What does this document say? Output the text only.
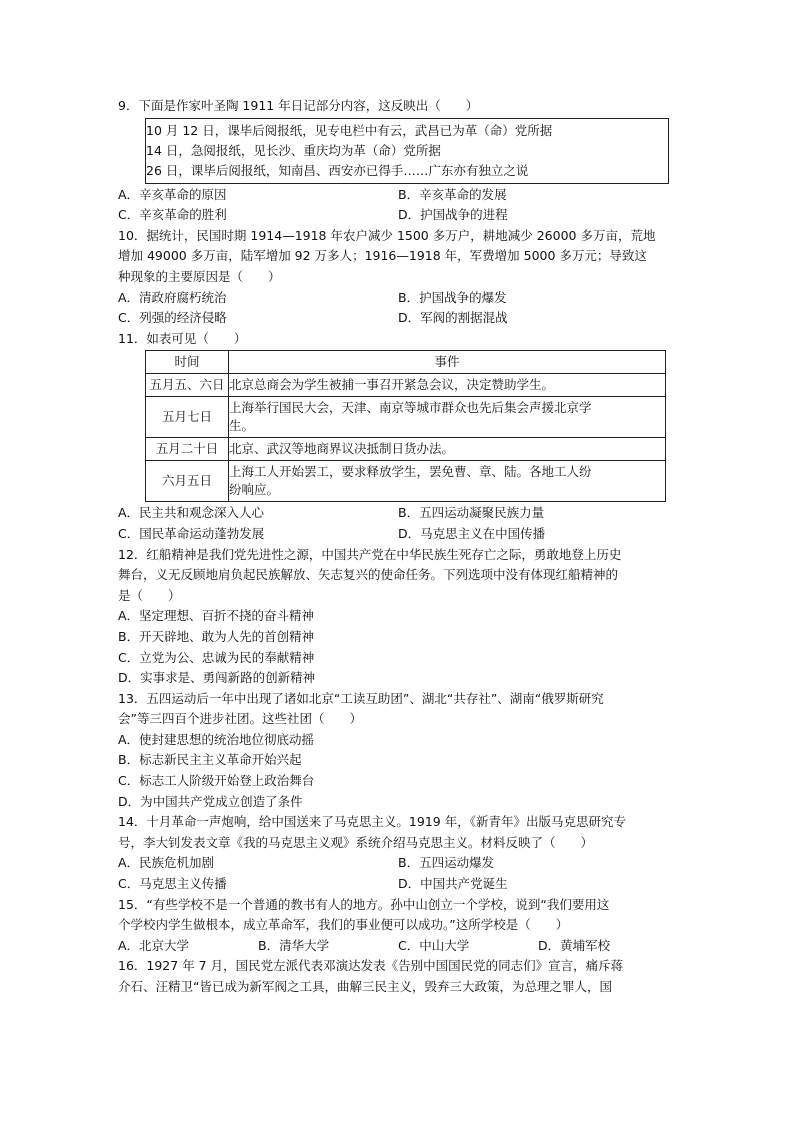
9．下面是作家叶圣陶 1911 年日记部分内容，这反映出（　　）
10 月 12 日，课毕后阅报纸，见专电栏中有云，武昌已为革（命）党所据
14 日，急阅报纸，见长沙、重庆均为革（命）党所据
26 日，课毕后阅报纸，知南昌、西安亦已得手……广东亦有独立之说
A．辛亥革命的原因	B．辛亥革命的发展
C．辛亥革命的胜利	D．护国战争的进程
10．据统计，民国时期 1914—1918 年农户减少 1500 多万户，耕地减少 26000 多万亩，荒地
增加 49000 多万亩，陆军增加 92 万多人；1916—1918 年，军费增加 5000 多万元；导致这
种现象的主要原因是（　　）
A．清政府腐朽统治	B．护国战争的爆发
C．列强的经济侵略	D．军阀的割据混战
11．如表可见（　　）
时间	事件
五月五、六日	北京总商会为学生被捕一事召开紧急会议，决定赞助学生。

五月七日	上海举行国民大会，天津、南京等城市群众也先后集会声援北京学
生。

五月二十日	北京、武汉等地商界议决抵制日货办法。

六月五日	上海工人开始罢工，要求释放学生，罢免曹、章、陆。各地工人纷
纷响应。
A．民主共和观念深入人心	B．五四运动凝聚民族力量
C．国民革命运动蓬勃发展	D．马克思主义在中国传播
12．红船精神是我们党先进性之源，中国共产党在中华民族生死存亡之际，勇敢地登上历史
舞台，义无反顾地肩负起民族解放、矢志复兴的使命任务。下列选项中没有体现红船精神的
是（　　）
A．坚定理想、百折不挠的奋斗精神
B．开天辟地、敢为人先的首创精神
C．立党为公、忠诚为民的奉献精神
D．实事求是、勇闯新路的创新精神
13．五四运动后一年中出现了诸如北京“工读互助团”、湖北“共存社”、湖南“俄罗斯研究
会”等三四百个进步社团。这些社团（　　）
A．使封建思想的统治地位彻底动摇
B．标志新民主主义革命开始兴起
C．标志工人阶级开始登上政治舞台
D．为中国共产党成立创造了条件
14．十月革命一声炮响，给中国送来了马克思主义。1919 年，《新青年》出版马克思研究专
号，李大钊发表文章《我的马克思主义观》系统介绍马克思主义。材料反映了（　　）
A．民族危机加剧	B．五四运动爆发
C．马克思主义传播	D．中国共产党诞生
15．“有些学校不是一个普通的教书有人的地方。孙中山创立一个学校，说到“我们要用这
个学校内学生做根本，成立革命军，我们的事业便可以成功。”这所学校是（　　）
A．北京大学	B．清华大学	C．中山大学	D．黄埔军校
16．1927 年 7 月，国民党左派代表邓演达发表《告别中国国民党的同志们》宣言，痛斥蒋
介石、汪精卫“皆已成为新军阀之工具，曲解三民主义，毁弃三大政策，为总理之罪人，国
